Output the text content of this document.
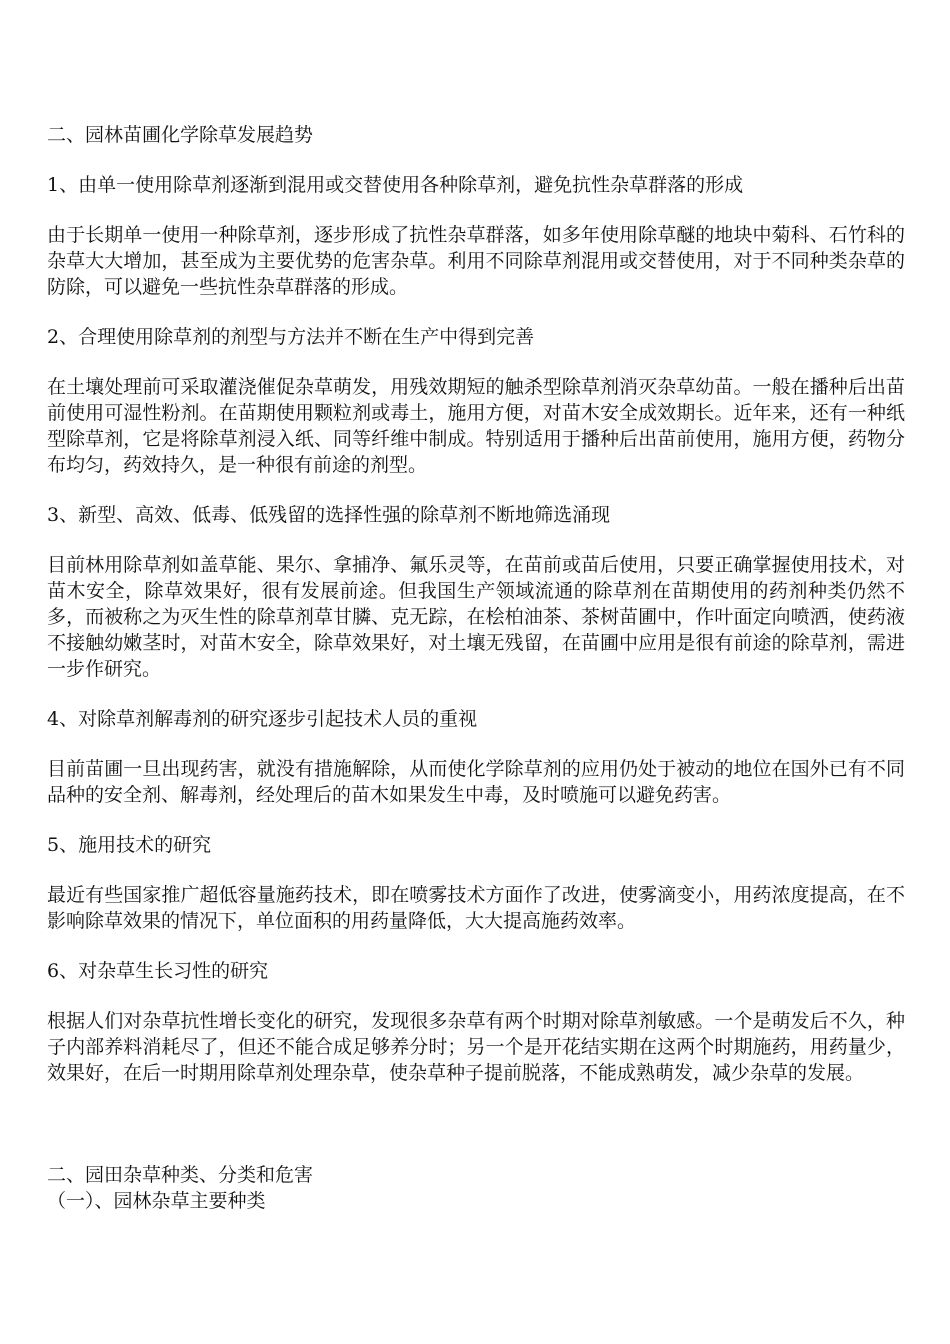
二、园林苗圃化学除草发展趋势

1、由单一使用除草剂逐渐到混用或交替使用各种除草剂，避免抗性杂草群落的形成

由于长期单一使用一种除草剂，逐步形成了抗性杂草群落，如多年使用除草醚的地块中菊科、石竹科的杂草大大增加，甚至成为主要优势的危害杂草。利用不同除草剂混用或交替使用，对于不同种类杂草的防除，可以避免一些抗性杂草群落的形成。

2、合理使用除草剂的剂型与方法并不断在生产中得到完善

在土壤处理前可采取灌浇催促杂草萌发，用残效期短的触杀型除草剂消灭杂草幼苗。一般在播种后出苗前使用可湿性粉剂。在苗期使用颗粒剂或毒土，施用方便，对苗木安全成效期长。近年来，还有一种纸型除草剂，它是将除草剂浸入纸、同等纤维中制成。特别适用于播种后出苗前使用，施用方便，药物分布均匀，药效持久，是一种很有前途的剂型。

3、新型、高效、低毒、低残留的选择性强的除草剂不断地筛选涌现

目前林用除草剂如盖草能、果尔、拿捕净、氟乐灵等，在苗前或苗后使用，只要正确掌握使用技术，对苗木安全，除草效果好，很有发展前途。但我国生产领域流通的除草剂在苗期使用的药剂种类仍然不多，而被称之为灭生性的除草剂草甘膦、克无踪，在桧柏油茶、茶树苗圃中，作叶面定向喷洒，使药液不接触幼嫩茎时，对苗木安全，除草效果好，对土壤无残留，在苗圃中应用是很有前途的除草剂，需进一步作研究。

4、对除草剂解毒剂的研究逐步引起技术人员的重视

目前苗圃一旦出现药害，就没有措施解除，从而使化学除草剂的应用仍处于被动的地位在国外已有不同品种的安全剂、解毒剂，经处理后的苗木如果发生中毒，及时喷施可以避免药害。

5、施用技术的研究

最近有些国家推广超低容量施药技术，即在喷雾技术方面作了改进，使雾滴变小，用药浓度提高，在不影响除草效果的情况下，单位面积的用药量降低，大大提高施药效率。

6、对杂草生长习性的研究

根据人们对杂草抗性增长变化的研究，发现很多杂草有两个时期对除草剂敏感。一个是萌发后不久，种子内部养料消耗尽了，但还不能合成足够养分时；另一个是开花结实期在这两个时期施药，用药量少，效果好，在后一时期用除草剂处理杂草，使杂草种子提前脱落，不能成熟萌发，减少杂草的发展。

二、园田杂草种类、分类和危害

（一）、园林杂草主要种类
